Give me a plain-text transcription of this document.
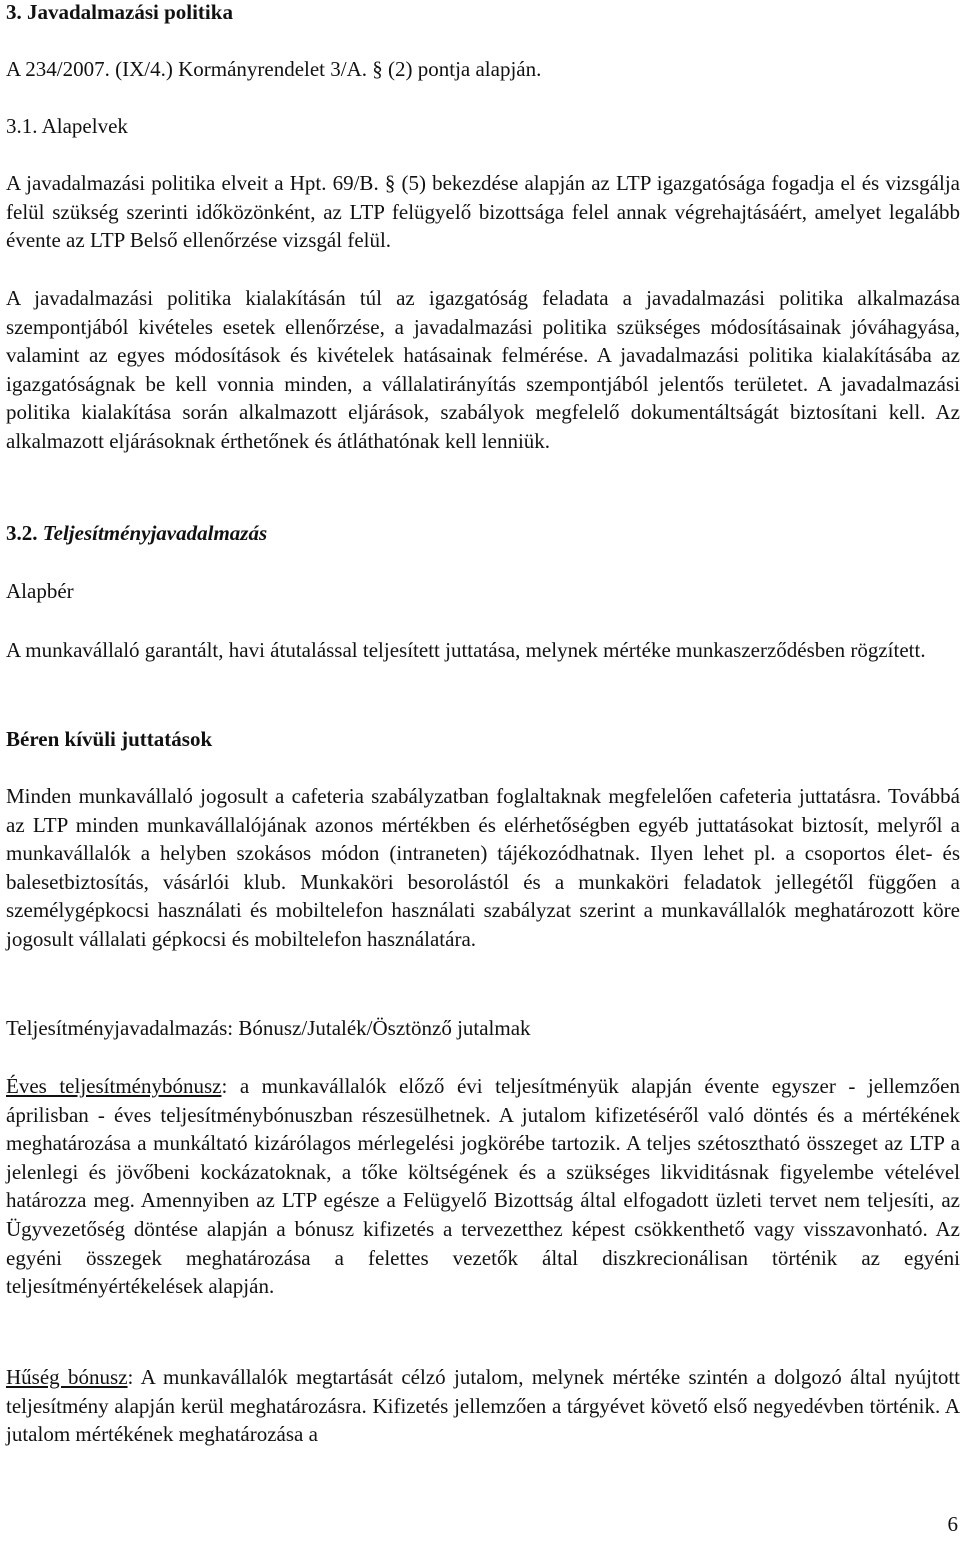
3. Javadalmazási politika

A 234/2007. (IX/4.) Kormányrendelet 3/A. § (2) pontja alapján.

3.1. Alapelvek

A javadalmazási politika elveit a Hpt. 69/B. § (5) bekezdése alapján az LTP igazgatósága fogadja el és vizsgálja felül szükség szerinti időközönként, az LTP felügyelő bizottsága felel annak végrehajtásáért, amelyet legalább évente az LTP Belső ellenőrzése vizsgál felül.

A javadalmazási politika kialakításán túl az igazgatóság feladata a javadalmazási politika alkalmazása szempontjából kivételes esetek ellenőrzése, a javadalmazási politika szükséges módosításainak jóváhagyása, valamint az egyes módosítások és kivételek hatásainak felmérése. A javadalmazási politika kialakításába az igazgatóságnak be kell vonnia minden, a vállalatirányítás szempontjából jelentős területet. A javadalmazási politika kialakítása során alkalmazott eljárások, szabályok megfelelő dokumentáltságát biztosítani kell. Az alkalmazott eljárásoknak érthetőnek és átláthatónak kell lenniük.

3.2. Teljesítményjavadalmazás

Alapbér

A munkavállaló garantált, havi átutalással teljesített juttatása, melynek mértéke munkaszerződésben rögzített.

Béren kívüli juttatások

Minden munkavállaló jogosult a cafeteria szabályzatban foglaltaknak megfelelően cafeteria juttatásra. Továbbá az LTP minden munkavállalójának azonos mértékben és elérhetőségben egyéb juttatásokat biztosít, melyről a munkavállalók a helyben szokásos módon (intraneten) tájékozódhatnak. Ilyen lehet pl. a csoportos élet- és balesetbiztosítás, vásárlói klub. Munkaköri besorolástól és a munkaköri feladatok jellegétől függően a személygépkocsi használati és mobiltelefon használati szabályzat szerint a munkavállalók meghatározott köre jogosult vállalati gépkocsi és mobiltelefon használatára.

Teljesítményjavadalmazás: Bónusz/Jutalék/Ösztönző jutalmak

Éves teljesítménybónusz: a munkavállalók előző évi teljesítményük alapján évente egyszer - jellemzően áprilisban - éves teljesítménybónuszban részesülhetnek. A jutalom kifizetéséről való döntés és a mértékének meghatározása a munkáltató kizárólagos mérlegelési jogkörébe tartozik. A teljes szétosztható összeget az LTP a jelenlegi és jövőbeni kockázatoknak, a tőke költségének és a szükséges likviditásnak figyelembe vételével határozza meg. Amennyiben az LTP egésze a Felügyelő Bizottság által elfogadott üzleti tervet nem teljesíti, az Ügyvezetőség döntése alapján a bónusz kifizetés a tervezetthez képest csökkenthető vagy visszavonható. Az egyéni összegek meghatározása a felettes vezetők által diszkrecionálisan történik az egyéni teljesítményértékelések alapján.

Hűség bónusz: A munkavállalók megtartását célzó jutalom, melynek mértéke szintén a dolgozó által nyújtott teljesítmény alapján kerül meghatározásra. Kifizetés jellemzően a tárgyévet követő első negyedévben történik. A jutalom mértékének meghatározása a

6
